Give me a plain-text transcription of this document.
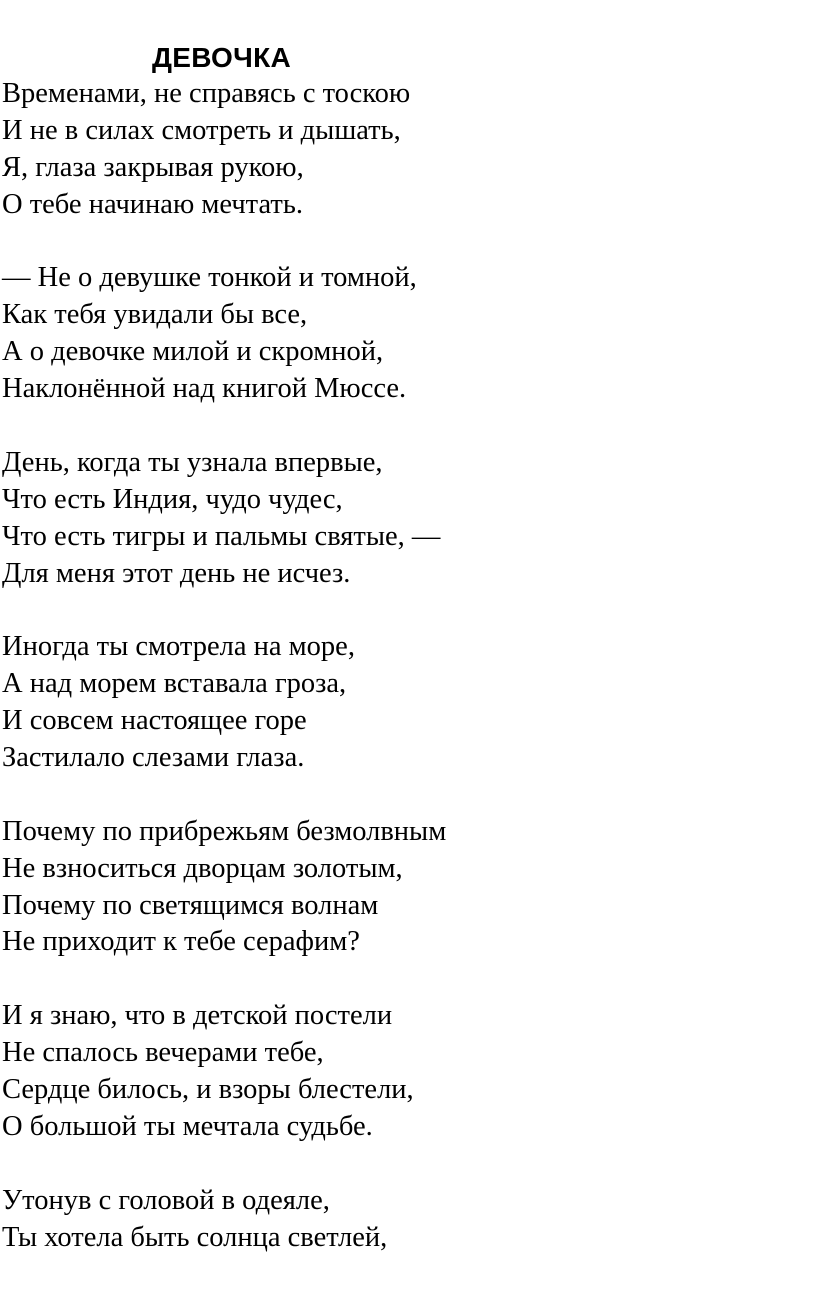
ДЕВОЧКА
Временами, не справясь с тоскою
И не в силах смотреть и дышать,
Я, глаза закрывая рукою,
О тебе начинаю мечтать.
— Не о девушке тонкой и томной,
Как тебя увидали бы все,
А о девочке милой и скромной,
Наклонённой над книгой Мюссе.
День, когда ты узнала впервые,
Что есть Индия, чудо чудес,
Что есть тигры и пальмы святые, —
Для меня этот день не исчез.
Иногда ты смотрела на море,
А над морем вставала гроза,
И совсем настоящее горе
Застилало слезами глаза.
Почему по прибрежьям безмолвным
Не взноситься дворцам золотым,
Почему по светящимся волнам
Не приходит к тебе серафим?
И я знаю, что в детской постели
Не спалось вечерами тебе,
Сердце билось, и взоры блестели,
О большой ты мечтала судьбе.
Утонув с головой в одеяле,
Ты хотела быть солнца светлей,
